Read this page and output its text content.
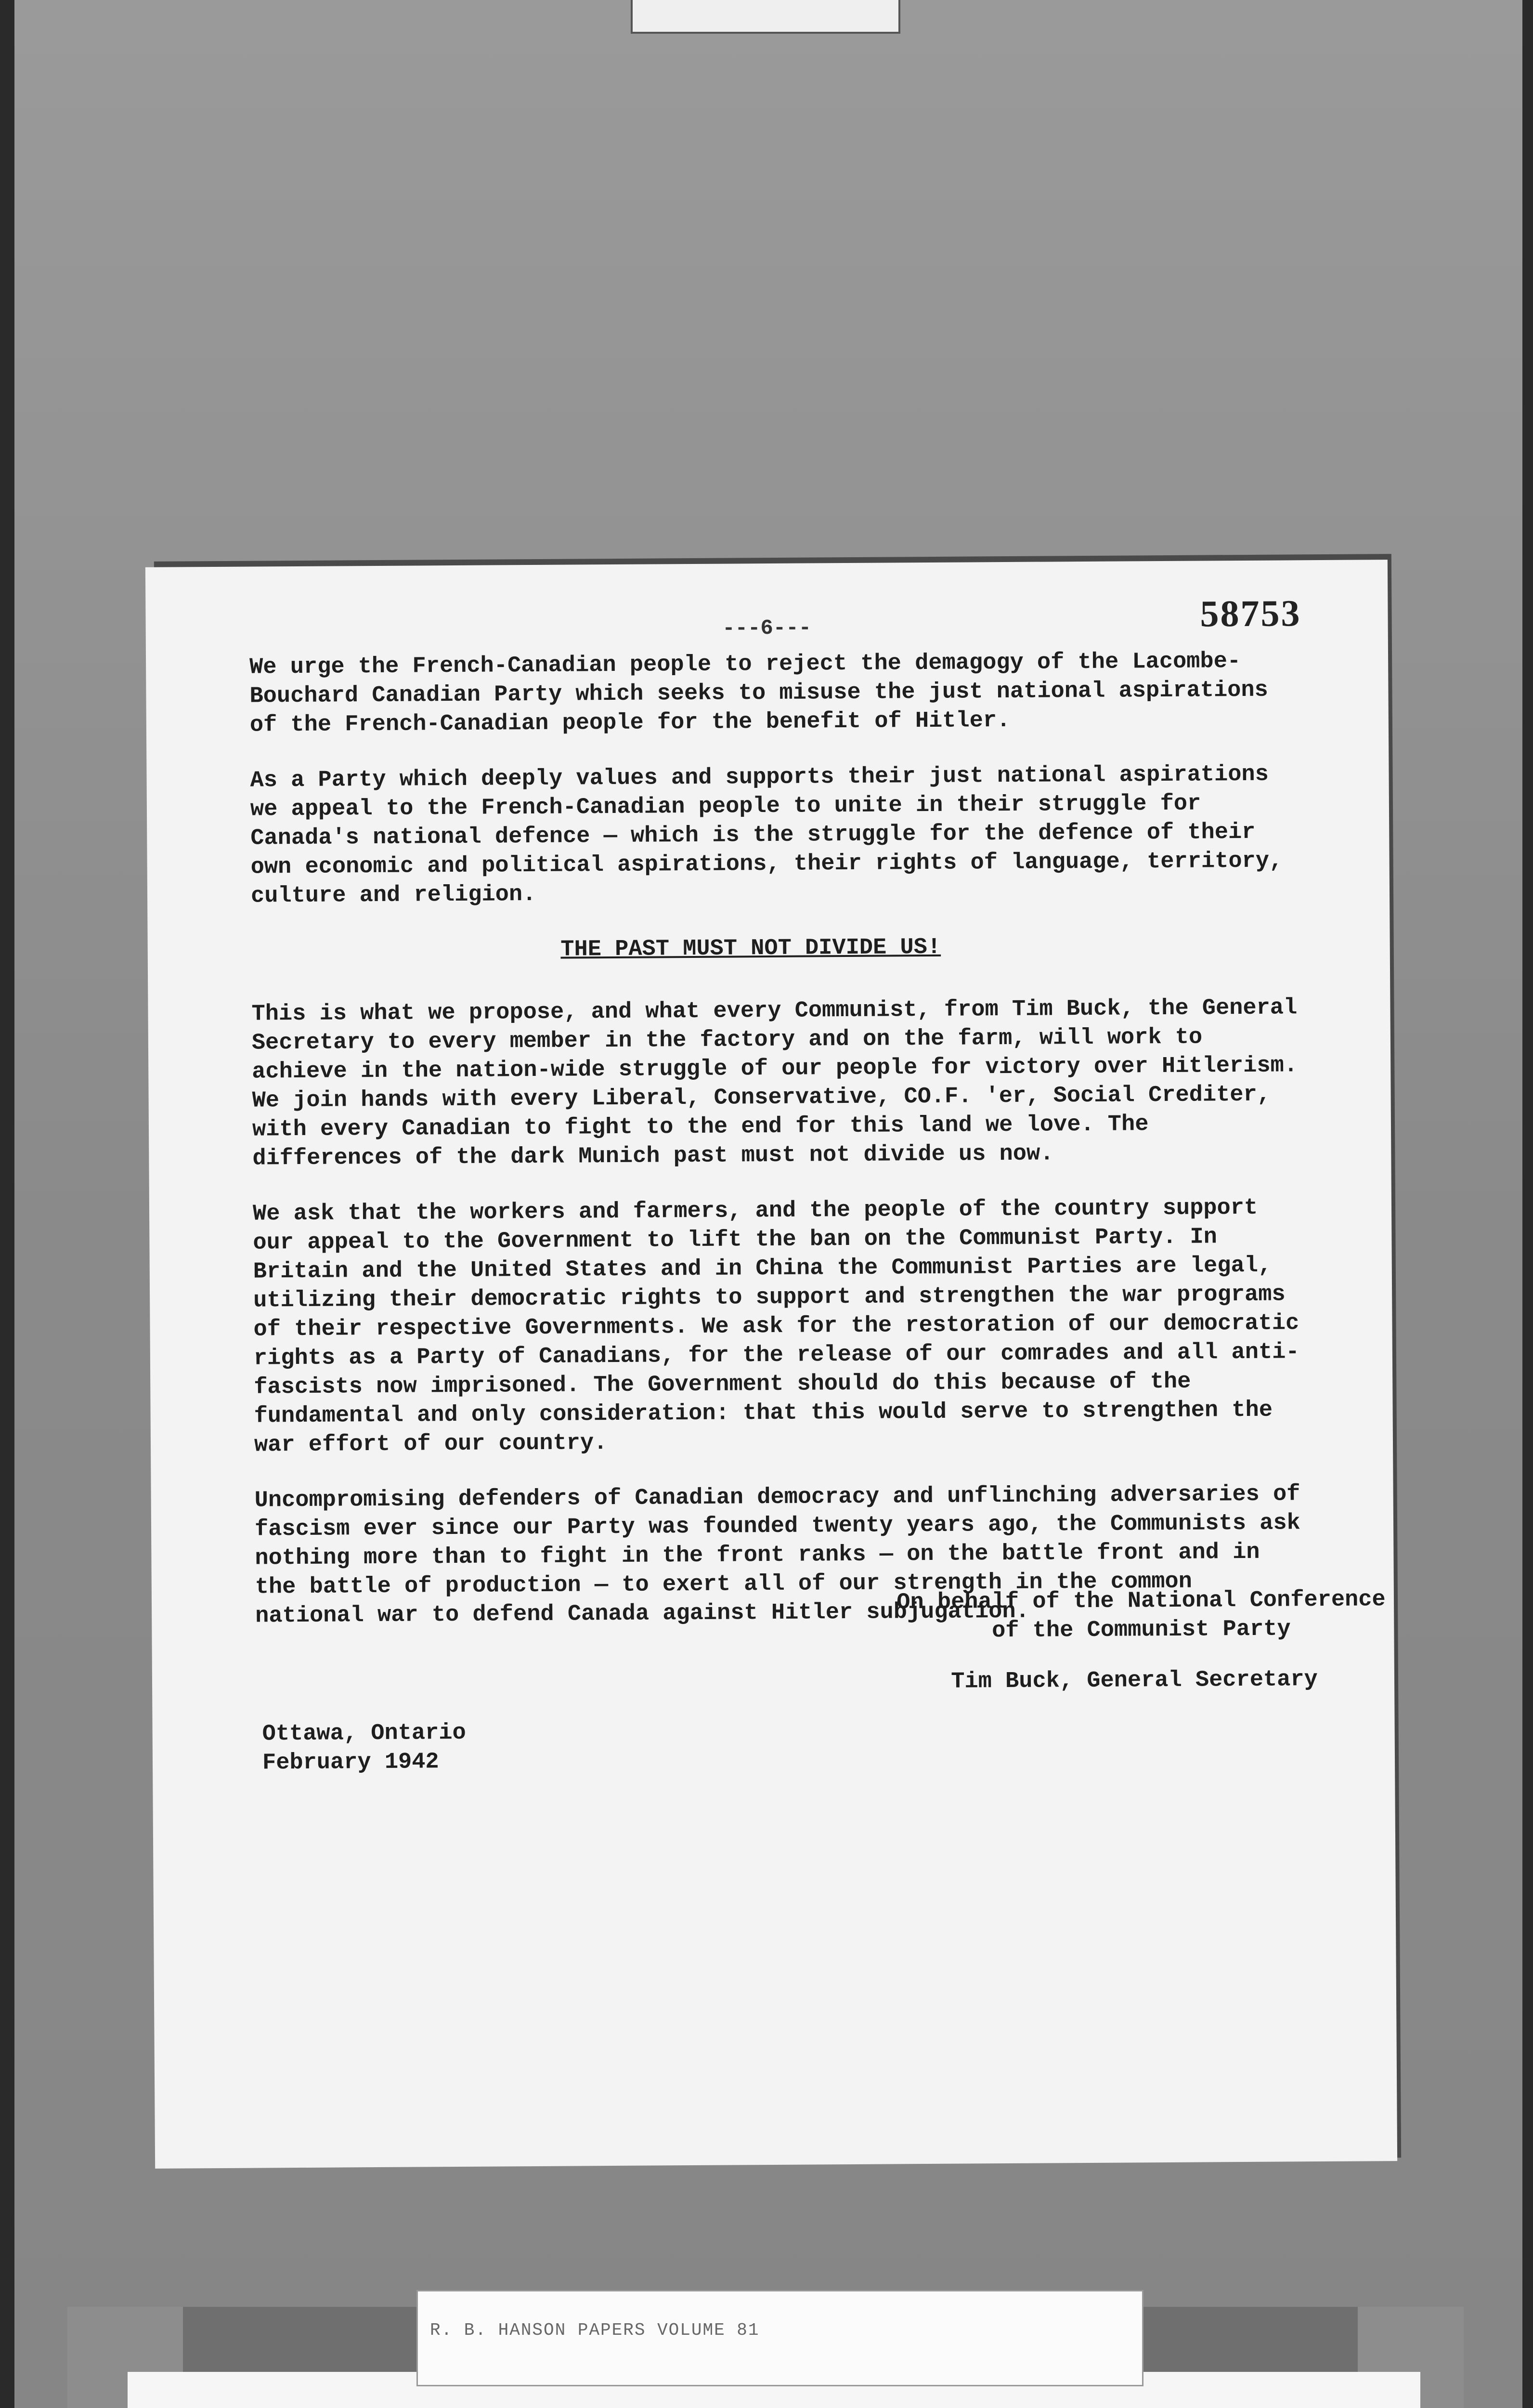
58753
---6---

We urge the French-Canadian people to reject the demagogy of the Lacombe-Bouchard Canadian Party which seeks to misuse the just national aspirations of the French-Canadian people for the benefit of Hitler.

As a Party which deeply values and supports their just national aspirations we appeal to the French-Canadian people to unite in their struggle for Canada's national defence — which is the struggle for the defence of their own economic and political aspirations, their rights of language, territory, culture and religion.

THE PAST MUST NOT DIVIDE US!

This is what we propose, and what every Communist, from Tim Buck, the General Secretary to every member in the factory and on the farm, will work to achieve in the nation-wide struggle of our people for victory over Hitlerism. We join hands with every Liberal, Conservative, CO.F. 'er, Social Crediter, with every Canadian to fight to the end for this land we love. The differences of the dark Munich past must not divide us now.

We ask that the workers and farmers, and the people of the country support our appeal to the Government to lift the ban on the Communist Party. In Britain and the United States and in China the Communist Parties are legal, utilizing their democratic rights to support and strengthen the war programs of their respective Governments. We ask for the restoration of our democratic rights as a Party of Canadians, for the release of our comrades and all anti-fascists now imprisoned. The Government should do this because of the fundamental and only consideration: that this would serve to strengthen the war effort of our country.

Uncompromising defenders of Canadian democracy and unflinching adversaries of fascism ever since our Party was founded twenty years ago, the Communists ask nothing more than to fight in the front ranks — on the battle front and in the battle of production — to exert all of our strength in the common national war to defend Canada against Hitler subjugation.

On behalf of the National Conference
of the Communist Party
Tim Buck, General Secretary
Ottawa, Ontario
February 1942
R. B. HANSON PAPERS VOLUME 81
